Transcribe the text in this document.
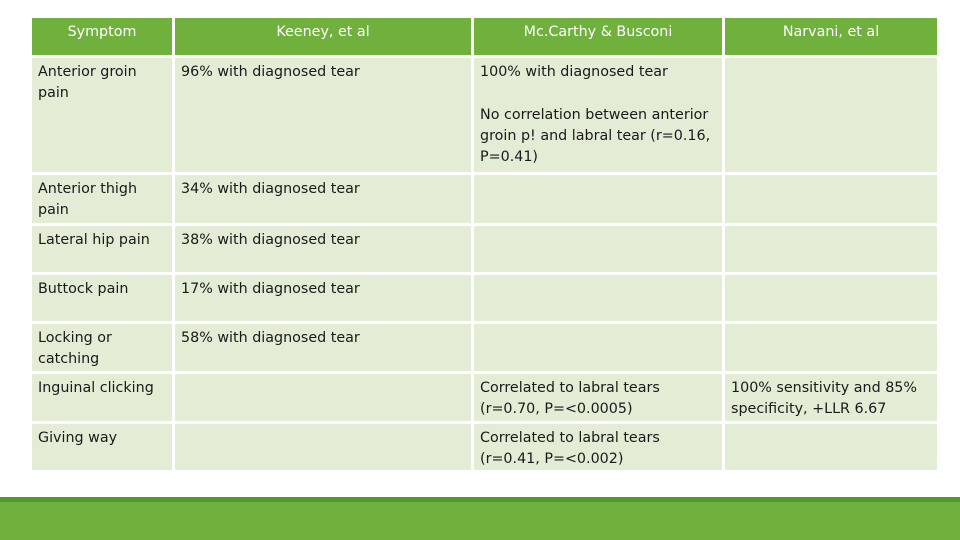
Symptom	Keeney, et al	Mc.Carthy & Busconi	Narvani, et al
Anterior groin pain	96% with diagnosed tear	100% with diagnosed tear
No correlation between anterior groin p! and labral tear (r=0.16, P=0.41)	

Anterior thigh pain	34% with diagnosed tear		
Lateral hip pain	38% with diagnosed tear		
Buttock pain	17% with diagnosed tear		
Locking or catching	58% with diagnosed tear		
Inguinal clicking		Correlated to labral tears (r=0.70, P=<0.0005)	100% sensitivity and 85% specificity, +LLR 6.67
Giving way		Correlated to labral tears (r=0.41, P=<0.002)	
